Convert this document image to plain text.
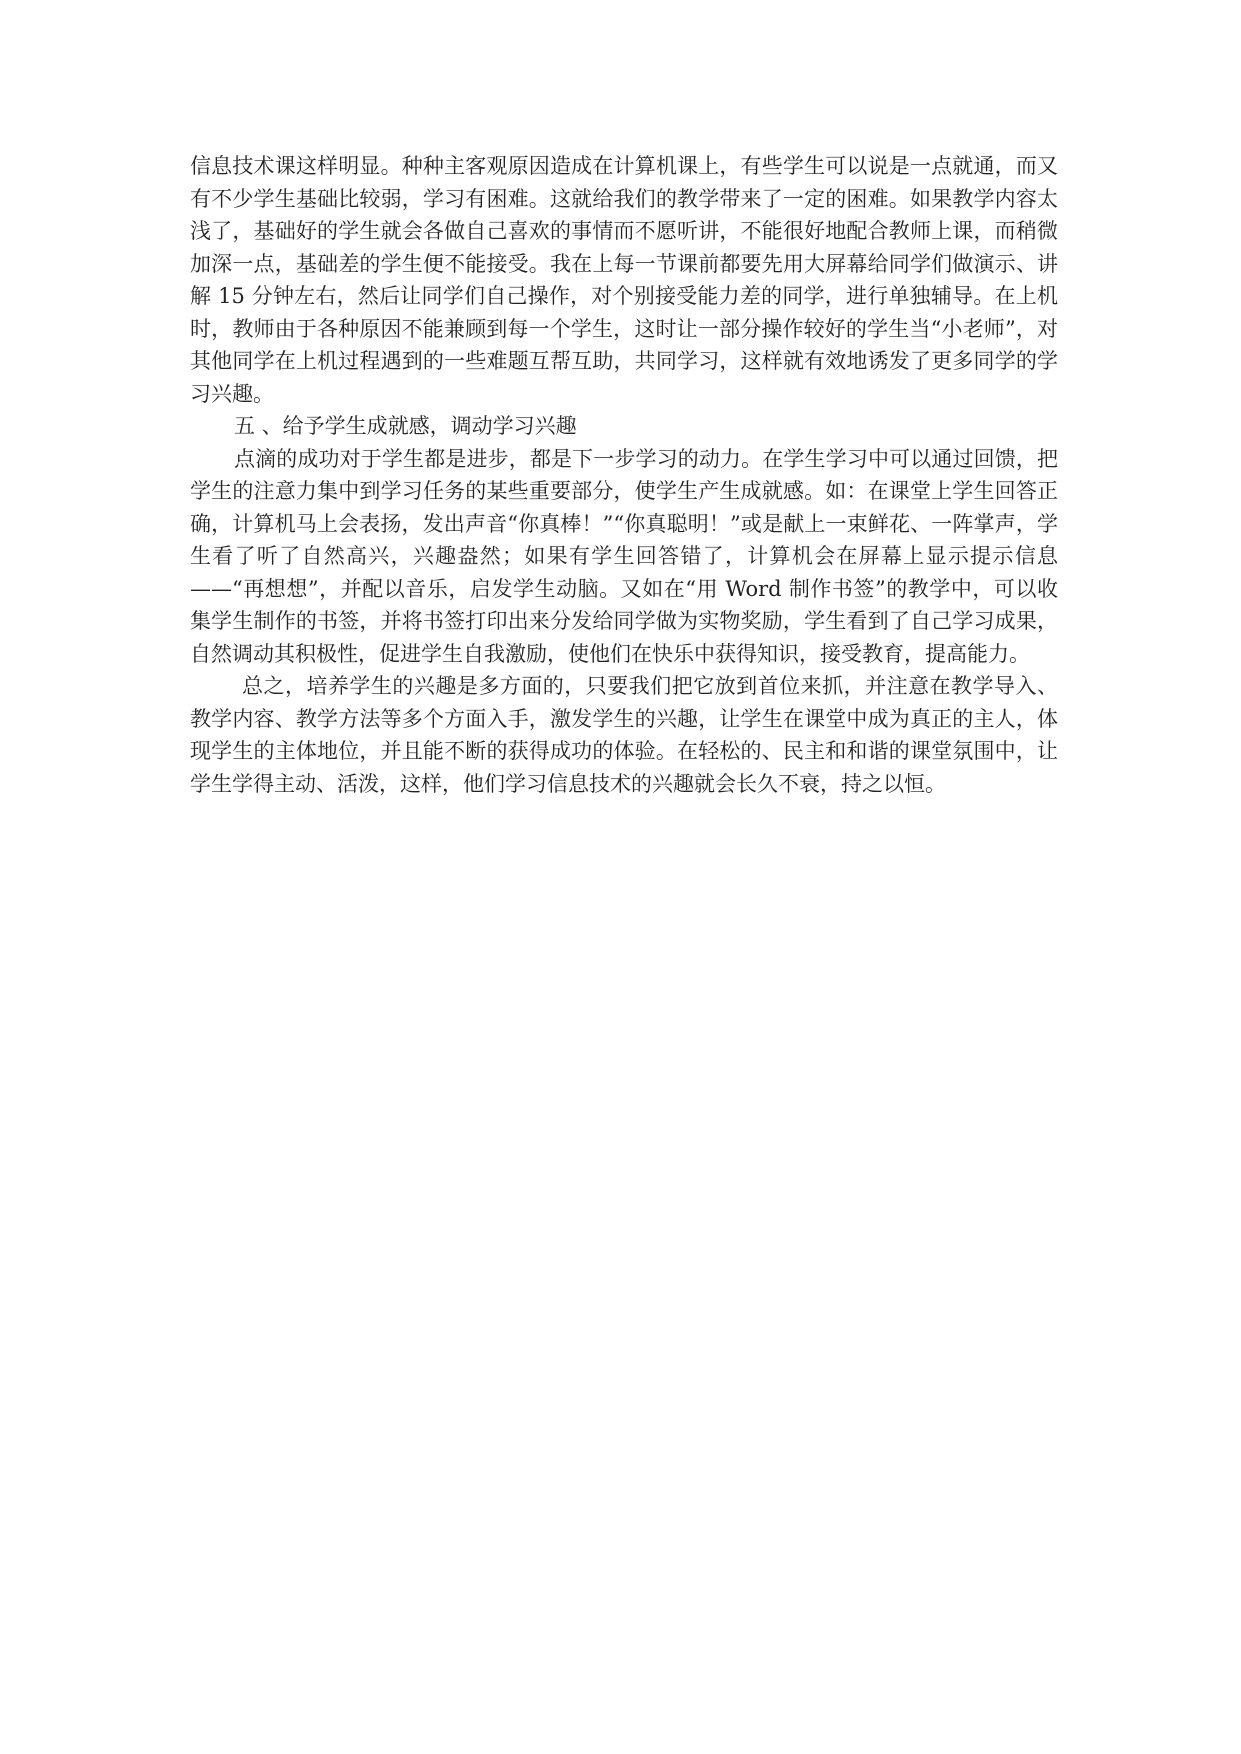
信息技术课这样明显。种种主客观原因造成在计算机课上，有些学生可以说是一点就通，而又有不少学生基础比较弱，学习有困难。这就给我们的教学带来了一定的困难。如果教学内容太浅了，基础好的学生就会各做自己喜欢的事情而不愿听讲，不能很好地配合教师上课，而稍微加深一点，基础差的学生便不能接受。我在上每一节课前都要先用大屏幕给同学们做演示、讲解 15 分钟左右，然后让同学们自己操作，对个别接受能力差的同学，进行单独辅导。在上机时，教师由于各种原因不能兼顾到每一个学生，这时让一部分操作较好的学生当“小老师”，对其他同学在上机过程遇到的一些难题互帮互助，共同学习，这样就有效地诱发了更多同学的学习兴趣。

五 、给予学生成就感，调动学习兴趣

点滴的成功对于学生都是进步，都是下一步学习的动力。在学生学习中可以通过回馈，把学生的注意力集中到学习任务的某些重要部分，使学生产生成就感。如：在课堂上学生回答正确，计算机马上会表扬，发出声音“你真棒！”“你真聪明！”或是献上一束鲜花、一阵掌声，学生看了听了自然高兴，兴趣盎然；如果有学生回答错了，计算机会在屏幕上显示提示信息——“再想想”，并配以音乐，启发学生动脑。又如在“用 Word 制作书签”的教学中，可以收集学生制作的书签，并将书签打印出来分发给同学做为实物奖励，学生看到了自己学习成果，自然调动其积极性，促进学生自我激励，使他们在快乐中获得知识，接受教育，提高能力。

总之，培养学生的兴趣是多方面的，只要我们把它放到首位来抓，并注意在教学导入、教学内容、教学方法等多个方面入手，激发学生的兴趣，让学生在课堂中成为真正的主人，体现学生的主体地位，并且能不断的获得成功的体验。在轻松的、民主和和谐的课堂氛围中，让学生学得主动、活泼，这样，他们学习信息技术的兴趣就会长久不衰，持之以恒。
